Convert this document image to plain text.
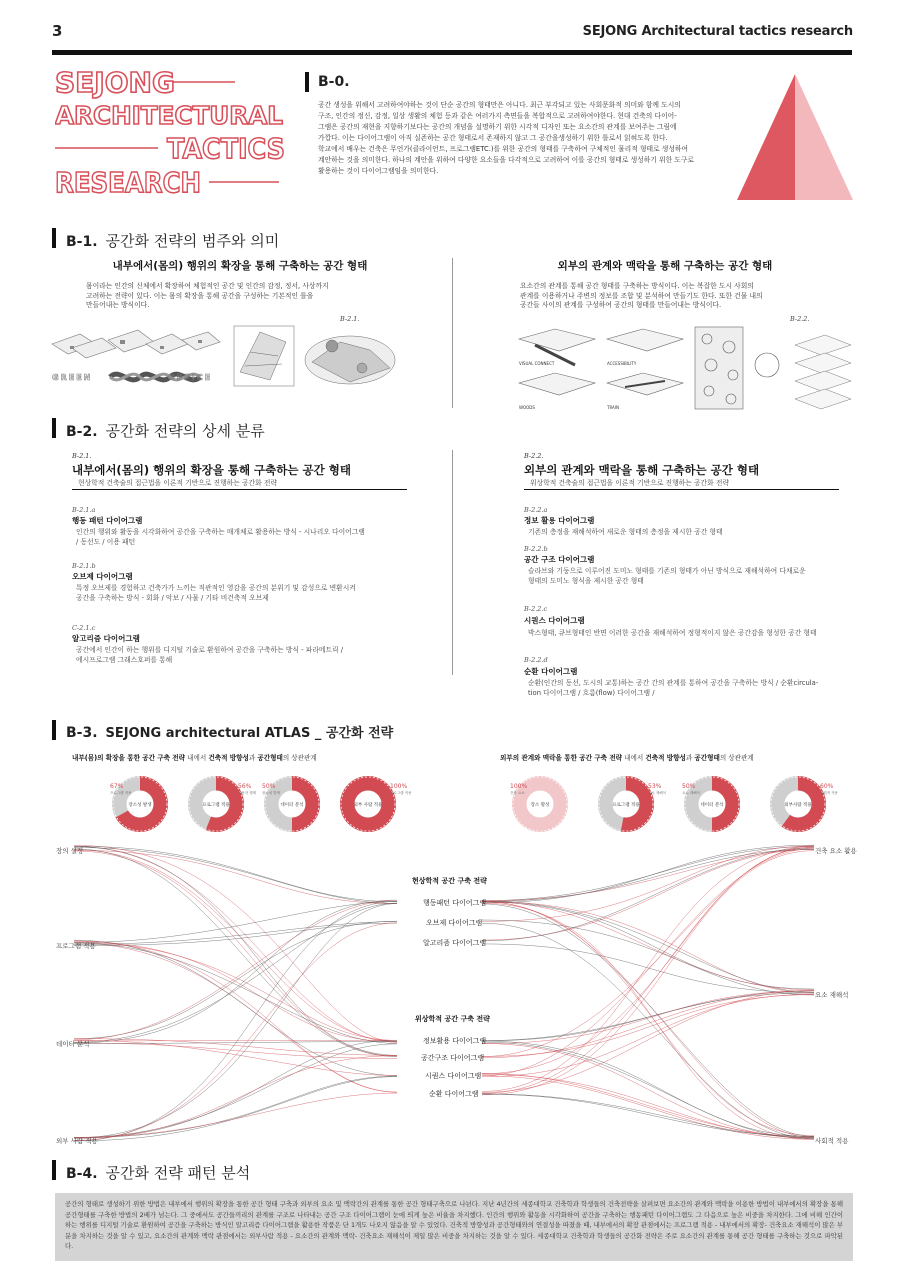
3	SEJONG Architectural tactics research
SEJONG
ARCHITECTURAL
TACTICS
RESEARCH
B-0.
공간 생성을 위해서 고려하여야하는 것이 단순 공간의 형태만은 아니다. 최근 부각되고 있는 사회문화적 의미와 함께 도시의
구조, 인간의 정신, 감정, 일상 생활의 체험 등과 같은 여러가지 측면들을 복합적으로 고려하여야한다. 현대 건축의 다이어-
그램은 공간의 재현을 지향하기보다는 공간의 개념을 설명하기 위한 시각적 디자인 또는 요소간의 관계를 보여주는 그림에
가깝다. 이는 다이어그램이 아직 실존하는 공간 형태로서 존재하지 않고 그 공간을생성하기 위한 틀로서 읽혀도록 한다.
학교에서 배우는 건축은 무언가(클라이언트, 프로그램ETC.)를 위한 공간의 형태를 구축하여 구체적인 물리적 형태로 생성하여
계안하는 것을 의미한다. 하나의 계안을 위하여 다양한 요소들을 다각적으로 고려하여 이를 공간의 형태로 생성하기 위한 도구로
활용하는 것이 다이어그램임을 의미한다.
B-1. 공간화 전략의 범주와 의미
내부에서(몸의) 행위의 확장을 통해 구축하는 공간 형태
몸이라는 인간의 신체에서 확장하여 체험적인 공간 및 인간의 감정, 정서, 사상까지
고려하는 전략이 있다. 이는 몸의 확장을 통해 공간을 구성하는 기본적인 틀을
만들어내는 방식이다.
B-2.1.
GREEN	OFFICE
외부의 관계와 맥락을 통해 구축하는 공간 형태
요소간의 관계를 통해 공간 형태를 구축하는 방식이다. 이는 복잡한 도시 사회의
관계를 이용하거나 주변의 정보를 조합 및 분석하여 만들기도 한다. 또한 건물 내의
공간들 사이의 관계를 구성하여 공간의 형태를 만들어내는 방식이다.
B-2.2.
VISUAL CONNECT	ACCESSIBILITY
WOODS	TRAIN
B-2. 공간화 전략의 상세 분류
B-2.1.
내부에서(몸의) 행위의 확장을 통해 구축하는 공간 형태
현상학적 건축술의 접근법을 이론적 기반으로 진행하는 공간화 전략
B-2.1.a
행동 패턴 다이어그램
인간의 행위와 활동을 시각화하여 공간을 구축하는 매개체로 활용하는 방식 - 시나리오 다이어그램
/ 동선도 / 이용 패턴
B-2.1.b
오브제 다이어그램
특정 오브제를 경험하고 건축가가 느끼는 직관적인 영감을 공간의 분위기 및 감성으로 변환시켜
공간을 구축하는 방식 - 회화 / 악보 / 사물 / 기타 비건축적 오브제
C-2.1.c
알고리즘 다이어그램
공간에서 인간이 하는 행위를 디지털 기술로 환원하여 공간을 구축하는 방식 - 파라메트릭 /
에시프로그램 그래스호퍼를 통해
B-2.2.
외부의 관계와 맥락을 통해 구축하는 공간 형태
위상학적 건축술의 접근법을 이론적 기반으로 진행하는 공간화 전략
B-2.2.a
정보 활용 다이어그램
기존의 층정을 재해석하여 새로운 형태의 층정을 제시한 공간 형태
B-2.2.b
공간 구조 다이어그램
슬라브와 기둥으로 이루어진 도미노 형태를 기존의 형태가 아닌 방식으로 재해석하여 다채로운
형태의 도미노 형식을 제시한 공간 형태
B-2.2.c
시퀀스 다이어그램
박스형태, 큐브형태인 반면 이러한 공간을 재해석하여 정형적이지 않은 공간감을 형성한 공간 형태
B-2.2.d
순환 다이어그램
순환(인간의 동선, 도시의 교통)하는 공간 간의 관계를 통하여 공간을 구축하는 방식 / 순환circula-
tion 다이어그램 / 흐름(flow) 다이어그램 /
B-3. SEJONG architectural ATLAS _ 공간화 전략
내부(몸)의 확장을 통한 공간 구축 전략 내에서 건축적 방향성과 공간형태의 상관관계	외부의 관계와 맥락을 통한 공간 구축 전략 내에서 건축적 방향성과 공간형태의 상관관계
장소성 발생
67%
프로그램 적용
프로그램 적용
56%
사용자 행태
데이터 분석
50%
장소성 발생
외부 사람 적용
100%
프로그램 적용
장소 활성
100%
건축 요소
프로그램 적용
53%
요소 재해석
데이터 분석
50%
요소 재해석
외부사람 적용
60%
사회적 적용
장의 설정
프로그램 적용
데이터 분석
외부 사람 적용
건축 요소 활용
요소 재해석
사회적 적용
현상학적 공간 구축 전략
행동패턴 다이어그램
오브제 다이어그램
알고리즘 다이어그램
위상학적 공간 구축 전략
정보활용 다이어그램
공간구조 다이어그램
시퀀스 다이어그램
순환 다이어그램
B-4. 공간화 전략 패턴 분석
공간의 형태로 생성하기 위한 방법은 내부에서 행위의 확장을 통한 공간 형태 구축과 외부의 요소 및 맥락간의 관계를 통한 공간 형태구축으로 나뉜다. 지난 4년간의 세종대학교 건축학과 학생들의 건축전략을 살펴보면 요소간의 관계와 맥락을 이용한 방법이 내부에서의 확장을 통해 공간형태를 구축한 방법의 2배가 넘는다. 그 중에서도 공간들끼리의 관계를 구조로 나타내는 공간 구조 다이어그램이 눈에 띄게 높은 비율을 차지했다. 인간의 행위와 활동을 시각화하여 공간을 구축하는 행동패턴 다이어그램도 그 다음으로 높은 비중을 차지한다. 그에 비해 인간이 하는 행위를 디지털 기술로 환원하여 공간을 구축하는 방식인 알고리즘 다이어그램을 활용한 작품은 단 1개도 나오지 않음을 알 수 있었다. 건축적 방향성과 공간형태와의 연결성을 따졌을 때, 내부에서의 확장 관점에서는 프로그램 적용 - 내부에서의 확장- 건축요소 재해석이 많은 부분을 차지하는 것을 알 수 있고, 요소간의 관계와 맥락 관점에서는 외부사람 적용 - 요소간의 관계와 맥락- 건축요소 재해석이 제일 많은 비중을 차지하는 것을 알 수 있다. 세종대학교 건축학과 학생들의 공간화 전략은 주로 요소간의 관계를 통해 공간 형태를 구축하는 것으로 파악된다.
